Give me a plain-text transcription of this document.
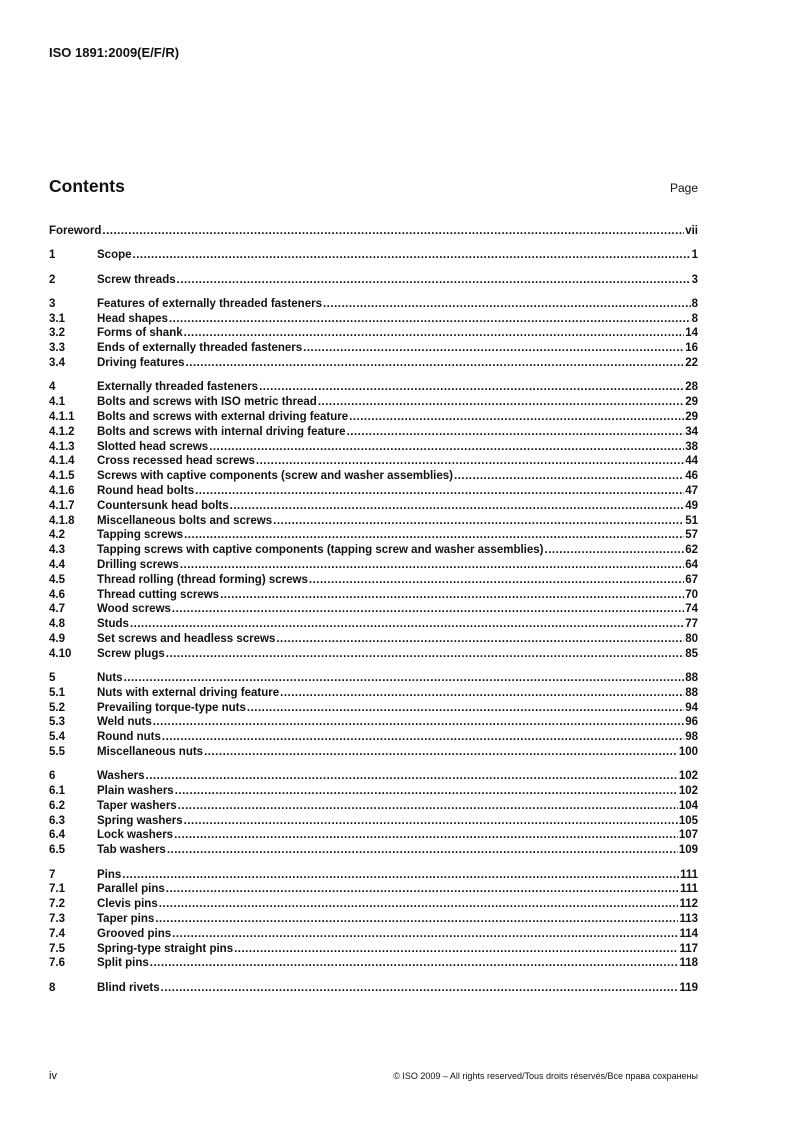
ISO 1891:2009(E/F/R)
Contents	Page
Foreword .....	vii
1	Scope .....	1
2	Screw threads .....	3
3	Features of externally threaded fasteners .....	8
3.1	Head shapes .....	8
3.2	Forms of shank .....	14
3.3	Ends of externally threaded fasteners .....	16
3.4	Driving features .....	22
4	Externally threaded fasteners .....	28
4.1	Bolts and screws with ISO metric thread .....	29
4.1.1	Bolts and screws with external driving feature .....	29
4.1.2	Bolts and screws with internal driving feature .....	34
4.1.3	Slotted head screws .....	38
4.1.4	Cross recessed head screws .....	44
4.1.5	Screws with captive components (screw and washer assemblies) .....	46
4.1.6	Round head bolts .....	47
4.1.7	Countersunk head bolts .....	49
4.1.8	Miscellaneous bolts and screws .....	51
4.2	Tapping screws .....	57
4.3	Tapping screws with captive components (tapping screw and washer assemblies) .....	62
4.4	Drilling screws .....	64
4.5	Thread rolling (thread forming) screws .....	67
4.6	Thread cutting screws .....	70
4.7	Wood screws .....	74
4.8	Studs .....	77
4.9	Set screws and headless screws .....	80
4.10	Screw plugs .....	85
5	Nuts .....	88
5.1	Nuts with external driving feature .....	88
5.2	Prevailing torque-type nuts .....	94
5.3	Weld nuts .....	96
5.4	Round nuts .....	98
5.5	Miscellaneous nuts .....	100
6	Washers .....	102
6.1	Plain washers .....	102
6.2	Taper washers .....	104
6.3	Spring washers .....	105
6.4	Lock washers .....	107
6.5	Tab washers .....	109
7	Pins .....	111
7.1	Parallel pins .....	111
7.2	Clevis pins .....	112
7.3	Taper pins .....	113
7.4	Grooved pins .....	114
7.5	Spring-type straight pins .....	117
7.6	Split pins .....	118
8	Blind rivets .....	119
iv	© ISO 2009 – All rights reserved/Tous droits réservés/Все права сохранены
